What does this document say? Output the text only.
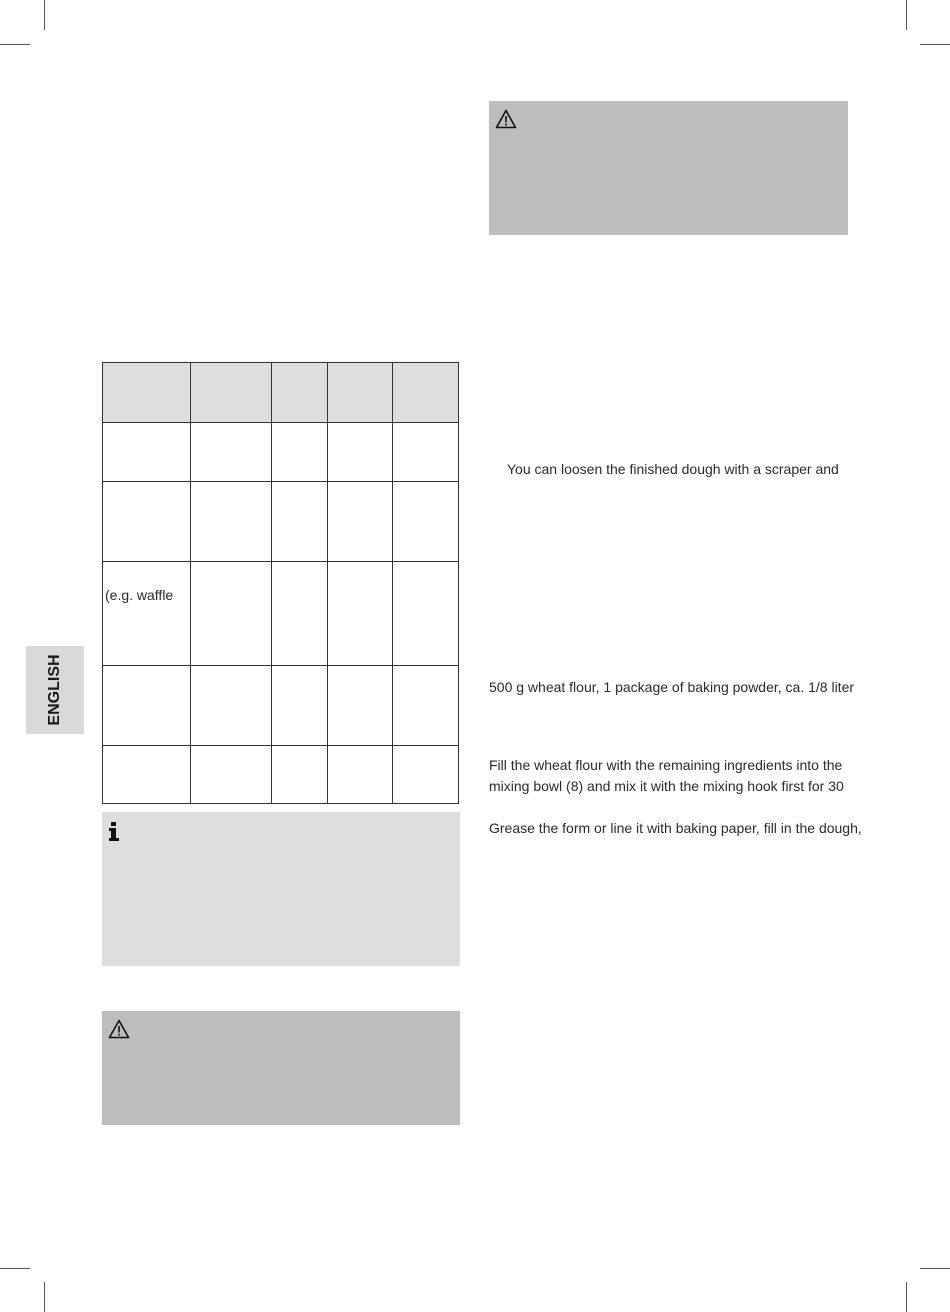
ENGLISH
(e.g. waffle
You can loosen the finished dough with a scraper and
500 g wheat flour, 1 package of baking powder, ca. 1/8 liter
Fill the wheat flour with the remaining ingredients into the
mixing bowl (8) and mix it with the mixing hook first for 30
Grease the form or line it with baking paper, fill in the dough,
